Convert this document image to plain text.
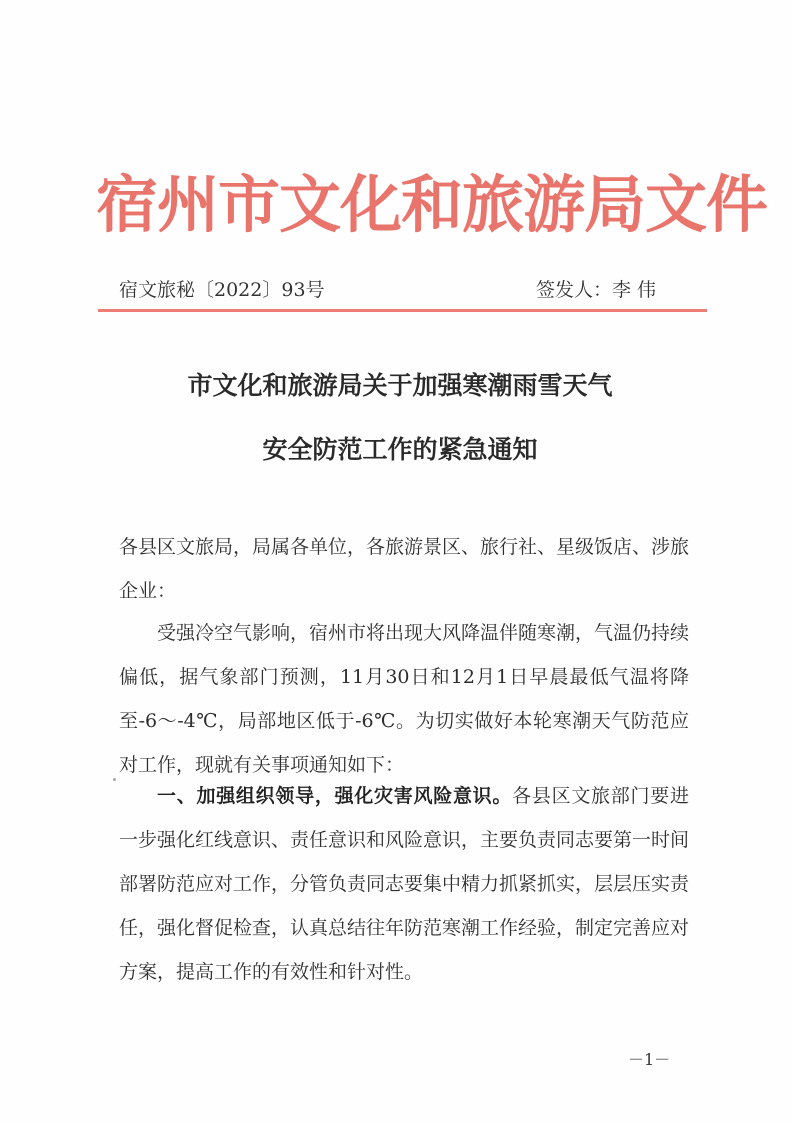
宿州市文化和旅游局文件
宿文旅秘〔2022〕93号	签发人：李 伟
市文化和旅游局关于加强寒潮雨雪天气
安全防范工作的紧急通知
各县区文旅局，局属各单位，各旅游景区、旅行社、星级饭店、涉旅企业：
受强冷空气影响，宿州市将出现大风降温伴随寒潮，气温仍持续偏低，据气象部门预测，11月30日和12月1日早晨最低气温将降至-6～-4℃，局部地区低于-6℃。为切实做好本轮寒潮天气防范应对工作，现就有关事项通知如下：
一、加强组织领导，强化灾害风险意识。各县区文旅部门要进一步强化红线意识、责任意识和风险意识，主要负责同志要第一时间部署防范应对工作，分管负责同志要集中精力抓紧抓实，层层压实责任，强化督促检查，认真总结往年防范寒潮工作经验，制定完善应对方案，提高工作的有效性和针对性。
－1－
